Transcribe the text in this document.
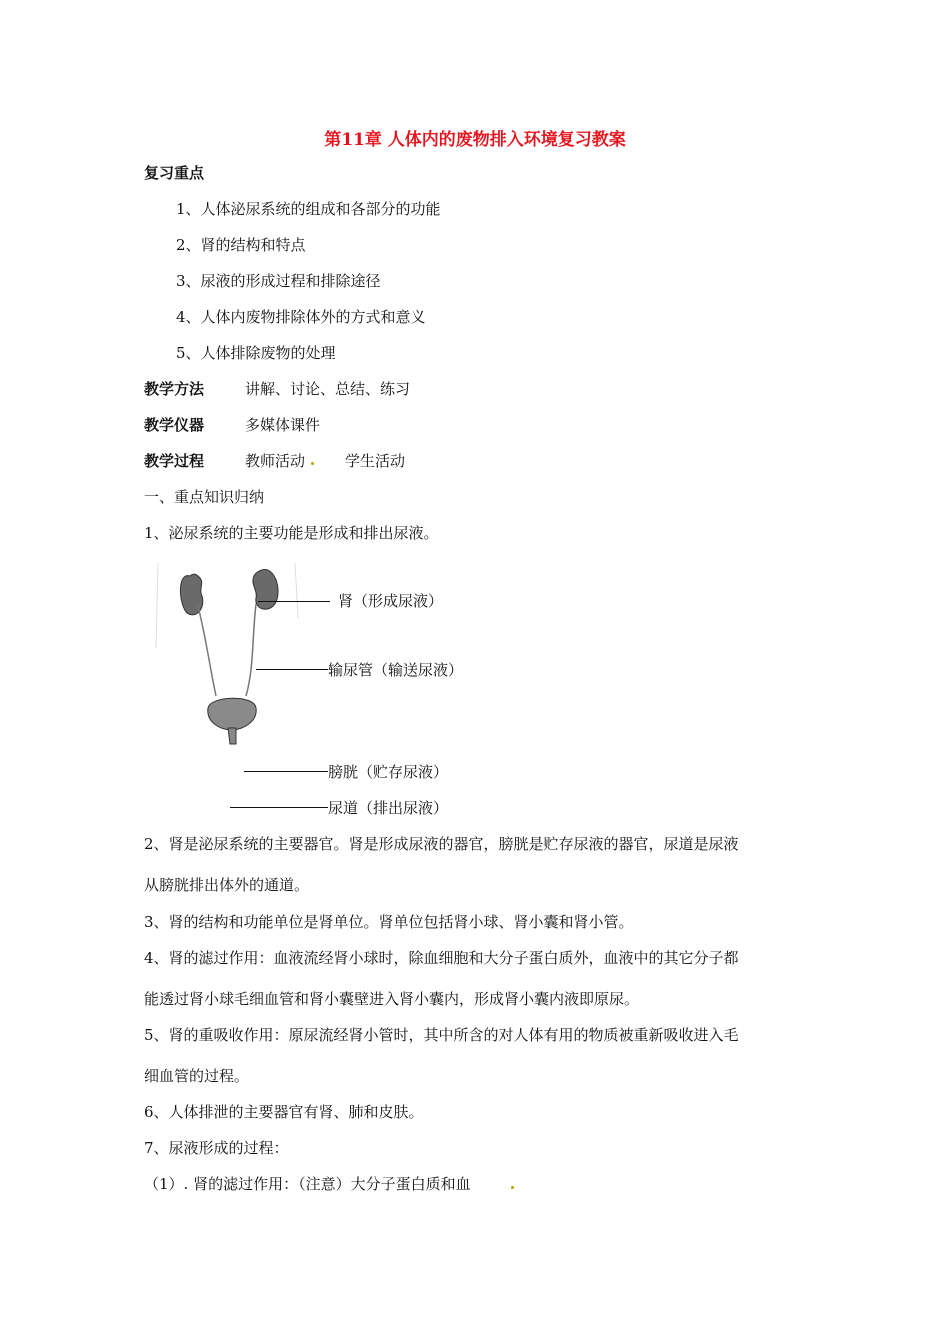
第11章 人体内的废物排入环境复习教案
复习重点
1、人体泌尿系统的组成和各部分的功能
2、肾的结构和特点
3、尿液的形成过程和排除途径
4、人体内废物排除体外的方式和意义
5、人体排除废物的处理
教学方法	讲解、讨论、总结、练习
教学仪器	多媒体课件
教学过程	教师活动	学生活动
一、重点知识归纳
1、泌尿系统的主要功能是形成和排出尿液。
肾（形成尿液）
输尿管（输送尿液）
膀胱（贮存尿液）
尿道（排出尿液）
2、肾是泌尿系统的主要器官。肾是形成尿液的器官，膀胱是贮存尿液的器官，尿道是尿液
从膀胱排出体外的通道。
3、肾的结构和功能单位是肾单位。肾单位包括肾小球、肾小囊和肾小管。
4、肾的滤过作用：血液流经肾小球时，除血细胞和大分子蛋白质外，血液中的其它分子都
能透过肾小球毛细血管和肾小囊壁进入肾小囊内，形成肾小囊内液即原尿。
5、肾的重吸收作用：原尿流经肾小管时，其中所含的对人体有用的物质被重新吸收进入毛
细血管的过程。
6、人体排泄的主要器官有肾、肺和皮肤。
7、尿液形成的过程：
（1）. 肾的滤过作用：（注意）大分子蛋白质和血
